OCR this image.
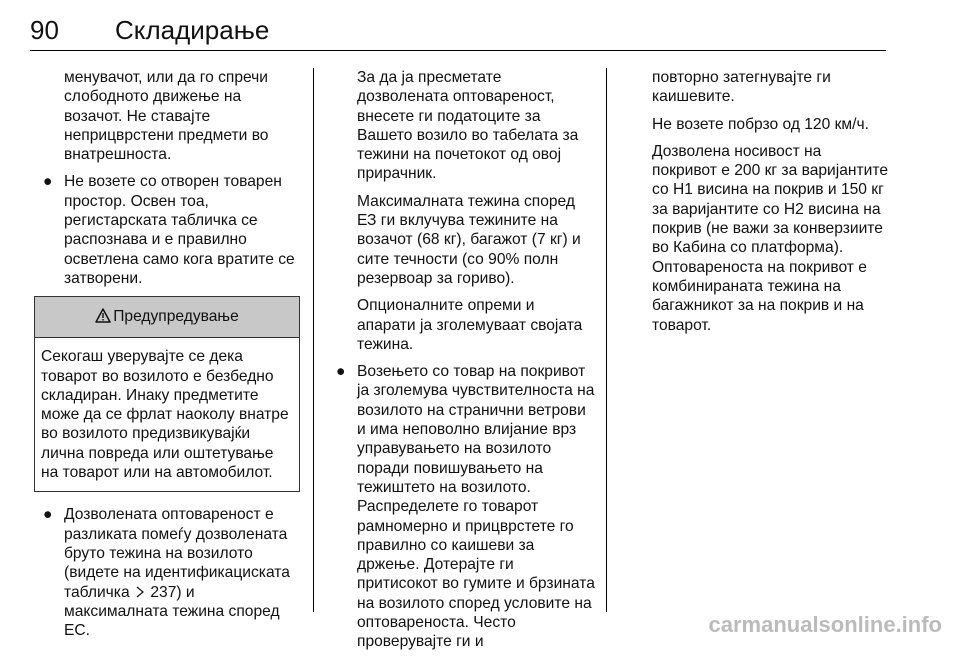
90 Складирање

менувачот, или да го спречи слободното движење на возачот. Не ставајте неприцврстени предмети во внатрешноста.

● Не возете со отворен товарен простор. Освен тоа, регистарската табличка се распознава и е правилно осветлена само кога вратите се затворени.
Предупредување
Секогаш уверувајте се дека товарот во возилото е безбедно складиран. Инаку предметите може да се фрлат наоколу внатре во возилото предизвикувајќи лична повреда или оштетување на товарот или на автомобилот.
● Дозволената оптовареност е разликата помеѓу дозволената бруто тежина на возилото (видете на идентификациската табличка 237) и максималната тежина според ЕС.

За да ја пресметате дозволената оптовареност, внесете ги податоците за Вашето возило во табелата за тежини на почетокот од овој прирачник.

Максималната тежина според ЕЗ ги вклучува тежините на возачот (68 кг), багажот (7 кг) и сите течности (со 90% полн резервоар за гориво).

Опционалните опреми и апарати ја зголемуваат својата тежина.

● Возењето со товар на покривот ја зголемува чувствителноста на возилото на странични ветрови и има неповолно влијание врз управувањето на возилото поради повишувањето на тежиштето на возилото. Распределете го товарот рамномерно и прицврстете го правилно со каишеви за држење. Дотерајте ги притисокот во гумите и брзината на возилото според условите на оптовареноста. Често проверувајте ги и

повторно затегнувајте ги каишевите.

Не возете побрзо од 120 км/ч.

Дозволена носивост на покривот е 200 кг за варијантите со H1 висина на покрив и 150 кг за варијантите со H2 висина на покрив (не важи за конверзиите во Кабина со платформа).

Оптовареноста на покривот е комбинираната тежина на багажникот за на покрив и на товарот.

carmanualsonline.info
